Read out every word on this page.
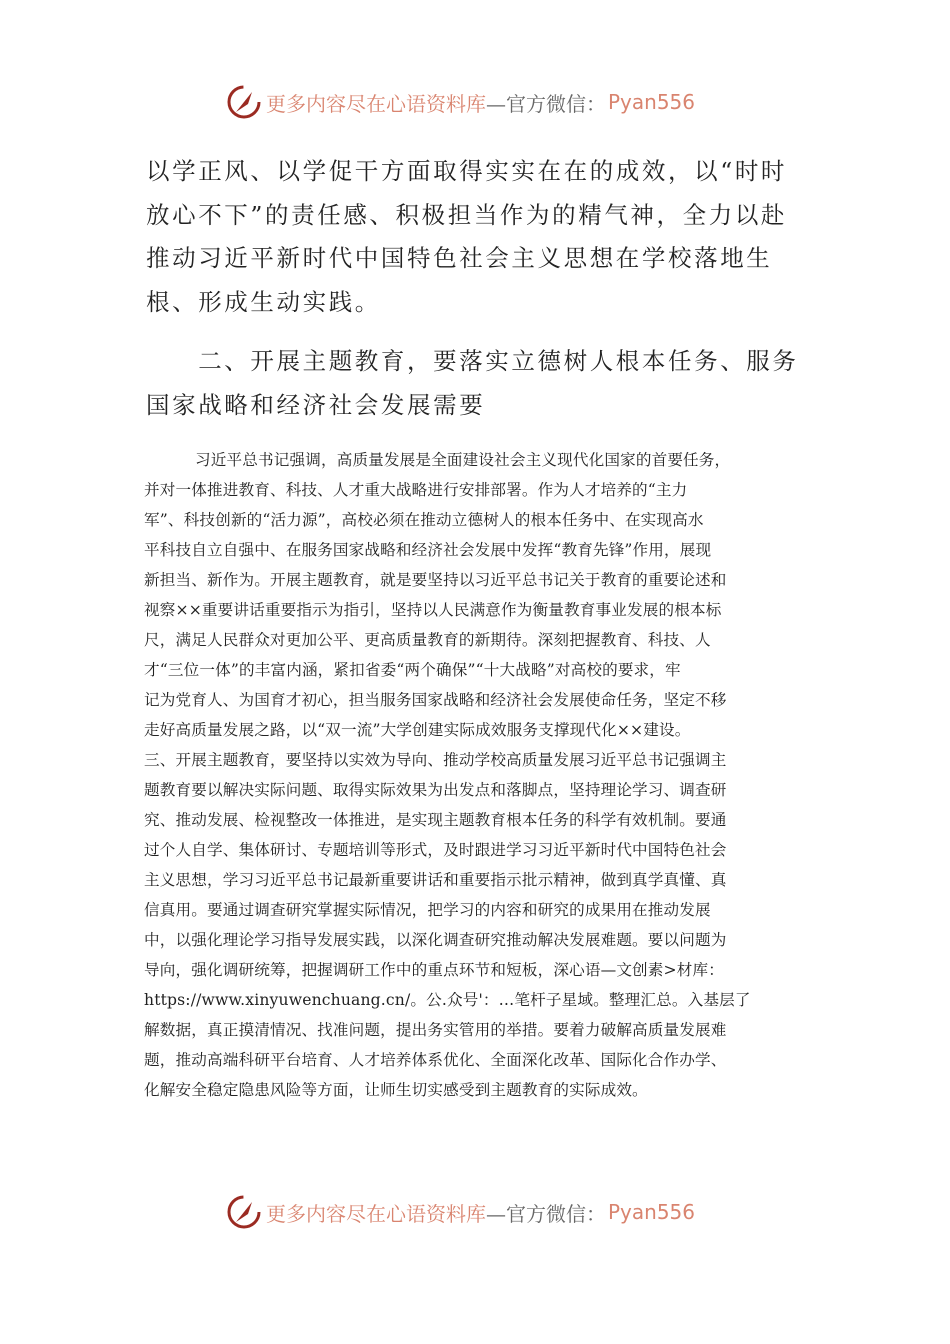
更多内容尽在心语资料库 —官方微信： Pyan556
以学正风、以学促干方面取得实实在在的成效，以“时时
放心不下”的责任感、积极担当作为的精气神，全力以赴
推动习近平新时代中国特色社会主义思想在学校落地生
根、形成生动实践。
　　二、开展主题教育，要落实立德树人根本任务、服务
国家战略和经济社会发展需要
习近平总书记强调，高质量发展是全面建设社会主义现代化国家的首要任务，
并对一体推进教育、科技、人才重大战略进行安排部署。作为人才培养的“主力
军”、科技创新的“活力源”，高校必须在推动立德树人的根本任务中、在实现高水
平科技自立自强中、在服务国家战略和经济社会发展中发挥“教育先锋”作用，展现
新担当、新作为。开展主题教育，就是要坚持以习近平总书记关于教育的重要论述和
视察××重要讲话重要指示为指引，坚持以人民满意作为衡量教育事业发展的根本标
尺，满足人民群众对更加公平、更高质量教育的新期待。深刻把握教育、科技、人
才“三位一体”的丰富内涵，紧扣省委“两个确保”“十大战略”对高校的要求，牢
记为党育人、为国育才初心，担当服务国家战略和经济社会发展使命任务，坚定不移
走好高质量发展之路，以“双一流”大学创建实际成效服务支撑现代化××建设。
三、开展主题教育，要坚持以实效为导向、推动学校高质量发展习近平总书记强调主
题教育要以解决实际问题、取得实际效果为出发点和落脚点，坚持理论学习、调查研
究、推动发展、检视整改一体推进，是实现主题教育根本任务的科学有效机制。要通
过个人自学、集体研讨、专题培训等形式，及时跟进学习习近平新时代中国特色社会
主义思想，学习习近平总书记最新重要讲话和重要指示批示精神，做到真学真懂、真
信真用。要通过调查研究掌握实际情况，把学习的内容和研究的成果用在推动发展
中，以强化理论学习指导发展实践，以深化调查研究推动解决发展难题。要以问题为
导向，强化调研统筹，把握调研工作中的重点环节和短板，深心语—文创素>材库：
https://www.xinyuwenchuang.cn/。公.众号'：…笔杆子星域。整理汇总。入基层了
解数据，真正摸清情况、找准问题，提出务实管用的举措。要着力破解高质量发展难
题，推动高端科研平台培育、人才培养体系优化、全面深化改革、国际化合作办学、
化解安全稳定隐患风险等方面，让师生切实感受到主题教育的实际成效。
更多内容尽在心语资料库 —官方微信： Pyan556
